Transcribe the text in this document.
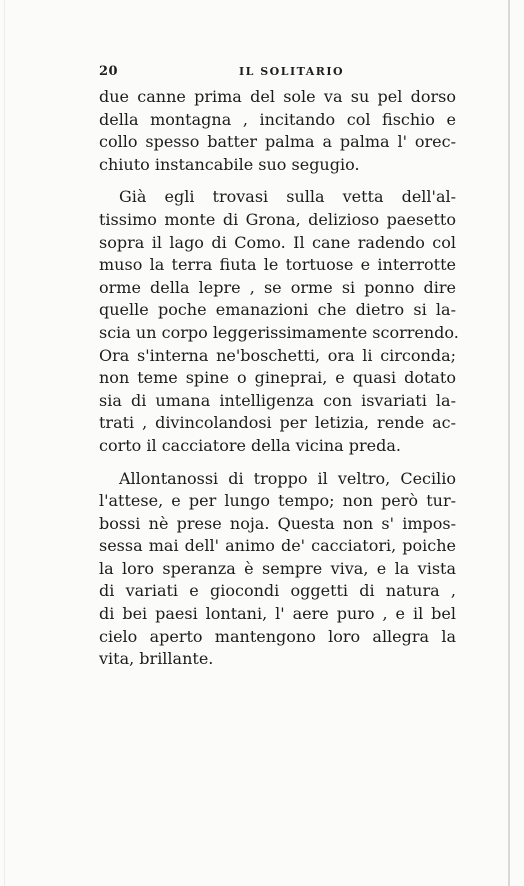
20	IL SOLITARIO
due canne prima del sole va su pel dorso
della montagna , incitando col fischio e
collo spesso batter palma a palma l' orec-
chiuto instancabile suo segugio.
Già egli trovasi sulla vetta dell'al-
tissimo monte di Grona, delizioso paesetto
sopra il lago di Como. Il cane radendo col
muso la terra fiuta le tortuose e interrotte
orme della lepre , se orme si ponno dire
quelle poche emanazioni che dietro si la-
scia un corpo leggerissimamente scorrendo.
Ora s'interna ne'boschetti, ora li circonda;
non teme spine o gineprai, e quasi dotato
sia di umana intelligenza con isvariati la-
trati , divincolandosi per letizia, rende ac-
corto il cacciatore della vicina preda.
Allontanossi di troppo il veltro, Cecilio
l'attese, e per lungo tempo; non però tur-
bossi nè prese noja. Questa non s' impos-
sessa mai dell' animo de' cacciatori, poiche
la loro speranza è sempre viva, e la vista
di variati e giocondi oggetti di natura ,
di bei paesi lontani, l' aere puro , e il bel
cielo aperto mantengono loro allegra la
vita, brillante.
